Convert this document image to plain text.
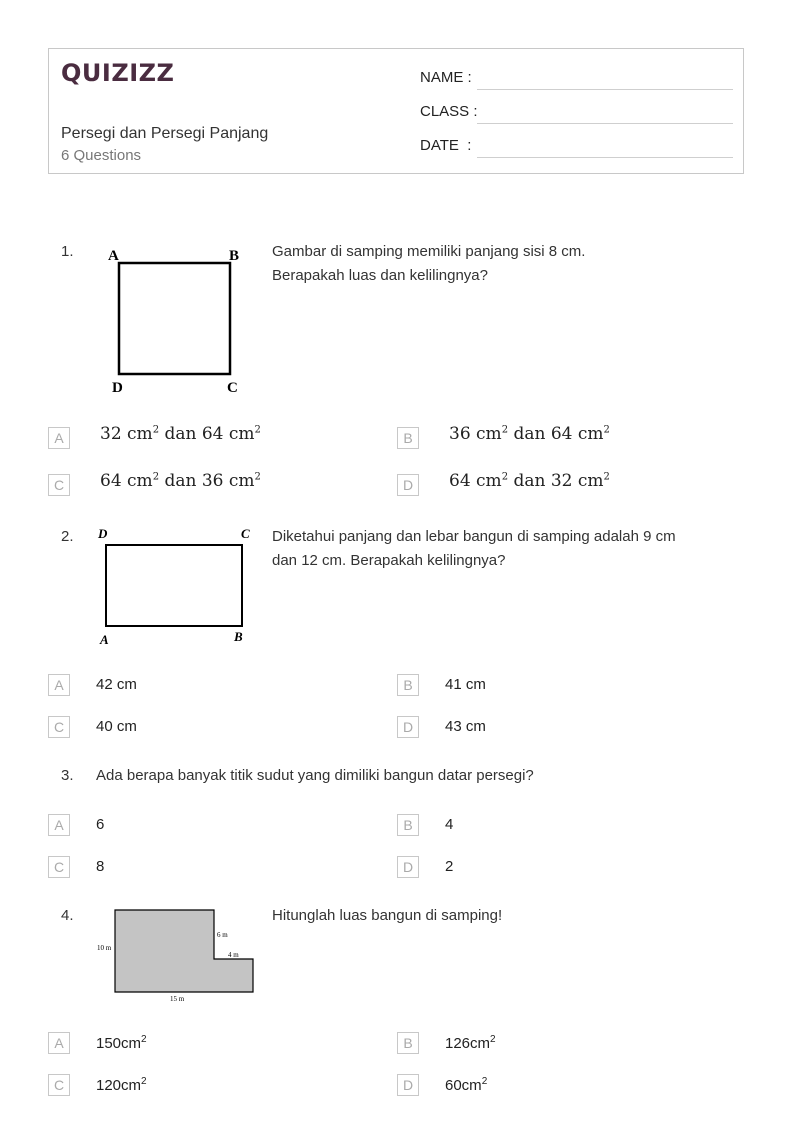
QUIZIZZ
Persegi dan Persegi Panjang
6 Questions
NAME :
CLASS :
DATE  :
1. A	B
D	C
Gambar di samping memiliki panjang sisi 8 cm.
Berapakah luas dan kelilingnya?
A	32 $cm^2$ dan 64 $cm^2$
B	36 $cm^2$ dan 64 $cm^2$
C	64 $cm^2$ dan 36 $cm^2$
D	64 $cm^2$ dan 32 $cm^2$
2. D	C
A	B
Diketahui panjang dan lebar bangun di samping adalah 9 cm
dan 12 cm. Berapakah kelilingnya?
A	42 cm	B	41 cm
C	40 cm	D	43 cm
3. Ada berapa banyak titik sudut yang dimiliki bangun datar persegi?
A	6	B	4
C	8	D	2
4.
10 m
6 m
4 m
15 m
Hitunglah luas bangun di samping!
A	$150cm^2$	B	$126cm^2$
C	$120cm^2$	D	$60cm^2$
